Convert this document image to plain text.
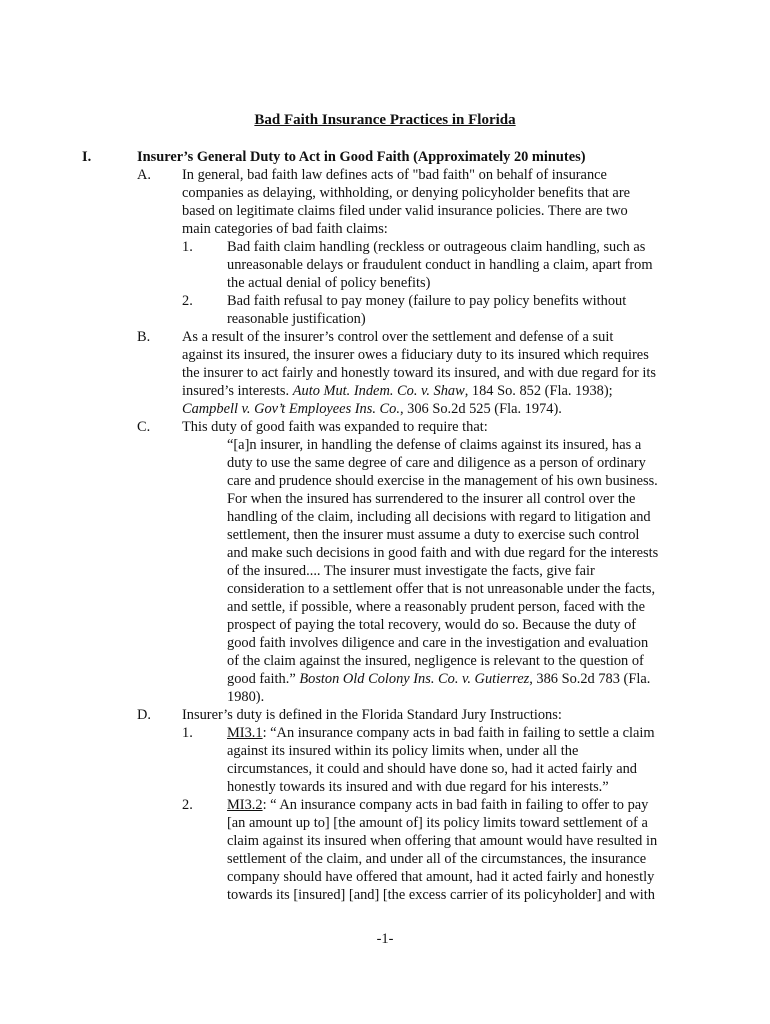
Bad Faith Insurance Practices in Florida
I.	Insurer’s General Duty to Act in Good Faith (Approximately 20 minutes)
A. In general, bad faith law defines acts of "bad faith" on behalf of insurance
companies as delaying, withholding, or denying policyholder benefits that are
based on legitimate claims filed under valid insurance policies. There are two
main categories of bad faith claims:
1. Bad faith claim handling (reckless or outrageous claim handling, such as
unreasonable delays or fraudulent conduct in handling a claim, apart from
the actual denial of policy benefits)
2. Bad faith refusal to pay money (failure to pay policy benefits without
reasonable justification)
B. As a result of the insurer’s control over the settlement and defense of a suit
against its insured, the insurer owes a fiduciary duty to its insured which requires
the insurer to act fairly and honestly toward its insured, and with due regard for its
insured’s interests. Auto Mut. Indem. Co. v. Shaw, 184 So. 852 (Fla. 1938);
Campbell v. Gov’t Employees Ins. Co., 306 So.2d 525 (Fla. 1974).
C. This duty of good faith was expanded to require that:
“[a]n insurer, in handling the defense of claims against its insured, has a
duty to use the same degree of care and diligence as a person of ordinary
care and prudence should exercise in the management of his own business.
For when the insured has surrendered to the insurer all control over the
handling of the claim, including all decisions with regard to litigation and
settlement, then the insurer must assume a duty to exercise such control
and make such decisions in good faith and with due regard for the interests
of the insured.... The insurer must investigate the facts, give fair
consideration to a settlement offer that is not unreasonable under the facts,
and settle, if possible, where a reasonably prudent person, faced with the
prospect of paying the total recovery, would do so. Because the duty of
good faith involves diligence and care in the investigation and evaluation
of the claim against the insured, negligence is relevant to the question of
good faith.” Boston Old Colony Ins. Co. v. Gutierrez, 386 So.2d 783 (Fla.
1980).
D. Insurer’s duty is defined in the Florida Standard Jury Instructions:
1. MI3.1: “An insurance company acts in bad faith in failing to settle a claim
against its insured within its policy limits when, under all the
circumstances, it could and should have done so, had it acted fairly and
honestly towards its insured and with due regard for his interests.”
2. MI3.2: “ An insurance company acts in bad faith in failing to offer to pay
[an amount up to] [the amount of] its policy limits toward settlement of a
claim against its insured when offering that amount would have resulted in
settlement of the claim, and under all of the circumstances, the insurance
company should have offered that amount, had it acted fairly and honestly
towards its [insured] [and] [the excess carrier of its policyholder] and with
-1-
